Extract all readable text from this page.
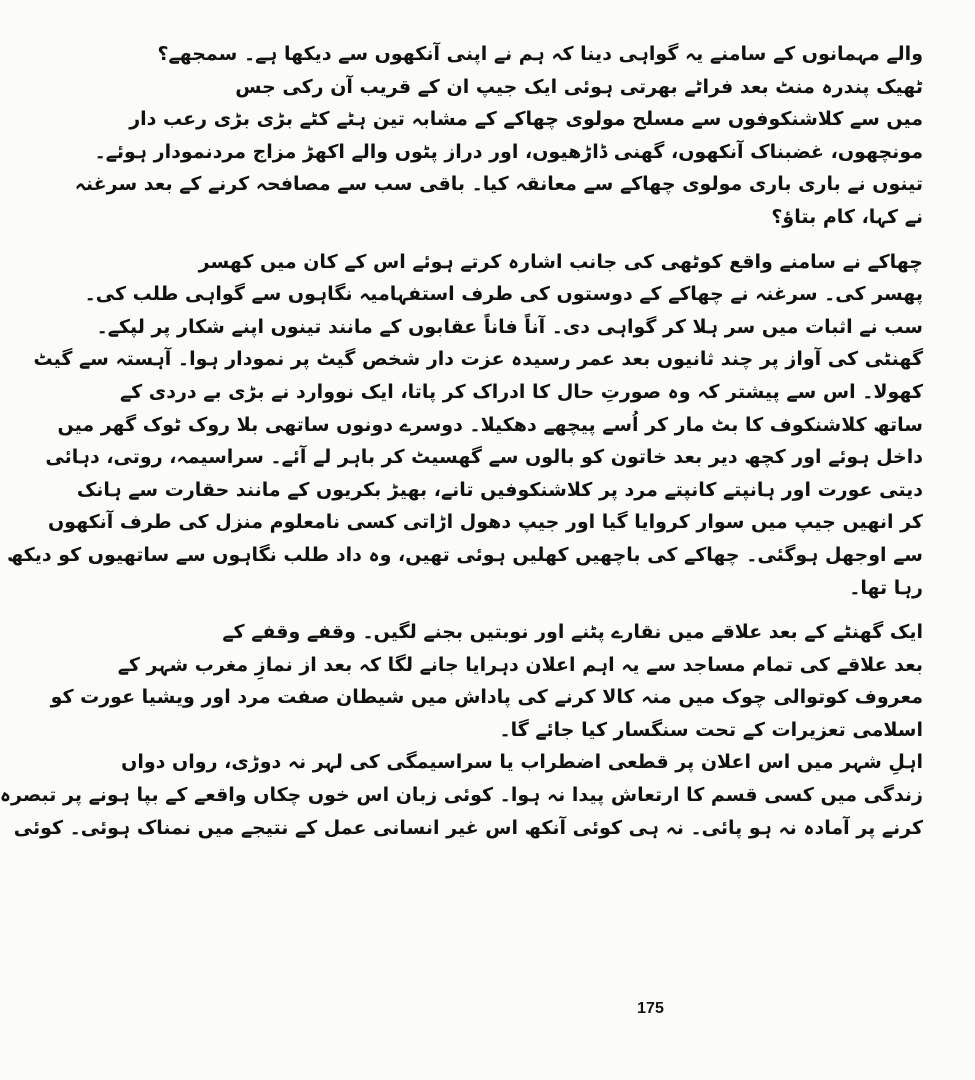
والے مہمانوں کے سامنے یہ گواہی دینا کہ ہم نے اپنی آنکھوں سے دیکھا ہے۔ سمجھے؟
ٹھیک پندرہ منٹ بعد فراٹے بھرتی ہوئی ایک جیپ ان کے قریب آن رکی جس
میں سے کلاشنکوفوں سے مسلح مولوی چھاکے کے مشابہ تین ہٹے کٹے بڑی بڑی رعب دار
مونچھوں، غضبناک آنکھوں، گھنی ڈاڑھیوں، اور دراز پٹوں والے اکھڑ مزاج مردنمودار ہوئے۔
تینوں نے باری باری مولوی چھاکے سے معانقہ کیا۔ باقی سب سے مصافحہ کرنے کے بعد سرغنہ
نے کہا، کام بتاؤ؟
چھاکے نے سامنے واقع کوٹھی کی جانب اشارہ کرتے ہوئے اس کے کان میں کھسر
پھسر کی۔ سرغنہ نے چھاکے کے دوستوں کی طرف استفہامیہ نگاہوں سے گواہی طلب کی۔
سب نے اثبات میں سر ہلا کر گواہی دی۔ آناً فاناً عقابوں کے مانند تینوں اپنے شکار پر لپکے۔
گھنٹی کی آواز پر چند ثانیوں بعد عمر رسیدہ عزت دار شخص گیٹ پر نمودار ہوا۔ آہستہ سے گیٹ
کھولا۔ اس سے پیشتر کہ وہ صورتِ حال کا ادراک کر پاتا، ایک نووارد نے بڑی بے دردی کے
ساتھ کلاشنکوف کا بٹ مار کر اُسے پیچھے دھکیلا۔ دوسرے دونوں ساتھی بلا روک ٹوک گھر میں
داخل ہوئے اور کچھ دیر بعد خاتون کو بالوں سے گھسیٹ کر باہر لے آئے۔ سراسیمہ، روتی، دہائی
دیتی عورت اور ہانپتے کانپتے مرد پر کلاشنکوفیں تانے، بھیڑ بکریوں کے مانند حقارت سے ہانک
کر انھیں جیپ میں سوار کروایا گیا اور جیپ دھول اڑاتی کسی نامعلوم منزل کی طرف آنکھوں
سے اوجھل ہوگئی۔ چھاکے کی باچھیں کھلیں ہوئی تھیں، وہ داد طلب نگاہوں سے ساتھیوں کو دیکھ
رہا تھا۔
ایک گھنٹے کے بعد علاقے میں نقارے پٹنے اور نوبتیں بجنے لگیں۔ وقفے وقفے کے
بعد علاقے کی تمام مساجد سے یہ اہم اعلان دہرایا جانے لگا کہ بعد از نمازِ مغرب شہر کے
معروف کوتوالی چوک میں منہ کالا کرنے کی پاداش میں شیطان صفت مرد اور ویشیا عورت کو
اسلامی تعزیرات کے تحت سنگسار کیا جائے گا۔
اہلِ شہر میں اس اعلان پر قطعی اضطراب یا سراسیمگی کی لہر نہ دوڑی، رواں دواں
زندگی میں کسی قسم کا ارتعاش پیدا نہ ہوا۔ کوئی زبان اس خوں چکاں واقعے کے بپا ہونے پر تبصرہ
کرنے پر آمادہ نہ ہو پائی۔ نہ ہی کوئی آنکھ اس غیر انسانی عمل کے نتیجے میں نمناک ہوئی۔ کوئی
175
